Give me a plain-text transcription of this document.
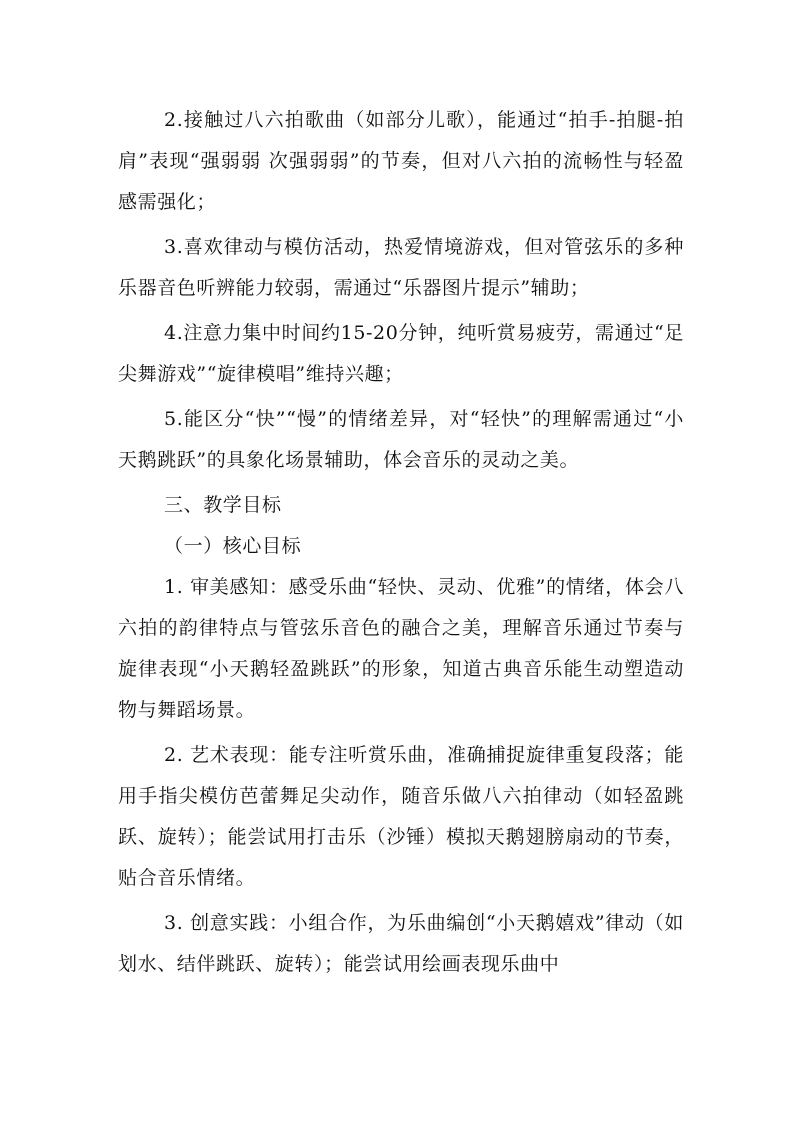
2.接触过八六拍歌曲（如部分儿歌），能通过“拍手-拍腿-拍肩”表现“强弱弱 次强弱弱”的节奏，但对八六拍的流畅性与轻盈感需强化；

3.喜欢律动与模仿活动，热爱情境游戏，但对管弦乐的多种乐器音色听辨能力较弱，需通过“乐器图片提示”辅助；

4.注意力集中时间约15-20分钟，纯听赏易疲劳，需通过“足尖舞游戏”“旋律模唱”维持兴趣；

5.能区分“快”“慢”的情绪差异，对“轻快”的理解需通过“小天鹅跳跃”的具象化场景辅助，体会音乐的灵动之美。

三、教学目标

（一）核心目标

1. 审美感知：感受乐曲“轻快、灵动、优雅”的情绪，体会八六拍的韵律特点与管弦乐音色的融合之美，理解音乐通过节奏与旋律表现“小天鹅轻盈跳跃”的形象，知道古典音乐能生动塑造动物与舞蹈场景。

2. 艺术表现：能专注听赏乐曲，准确捕捉旋律重复段落；能用手指尖模仿芭蕾舞足尖动作，随音乐做八六拍律动（如轻盈跳跃、旋转）；能尝试用打击乐（沙锤）模拟天鹅翅膀扇动的节奏，贴合音乐情绪。

3. 创意实践：小组合作，为乐曲编创“小天鹅嬉戏”律动（如划水、结伴跳跃、旋转）；能尝试用绘画表现乐曲中
